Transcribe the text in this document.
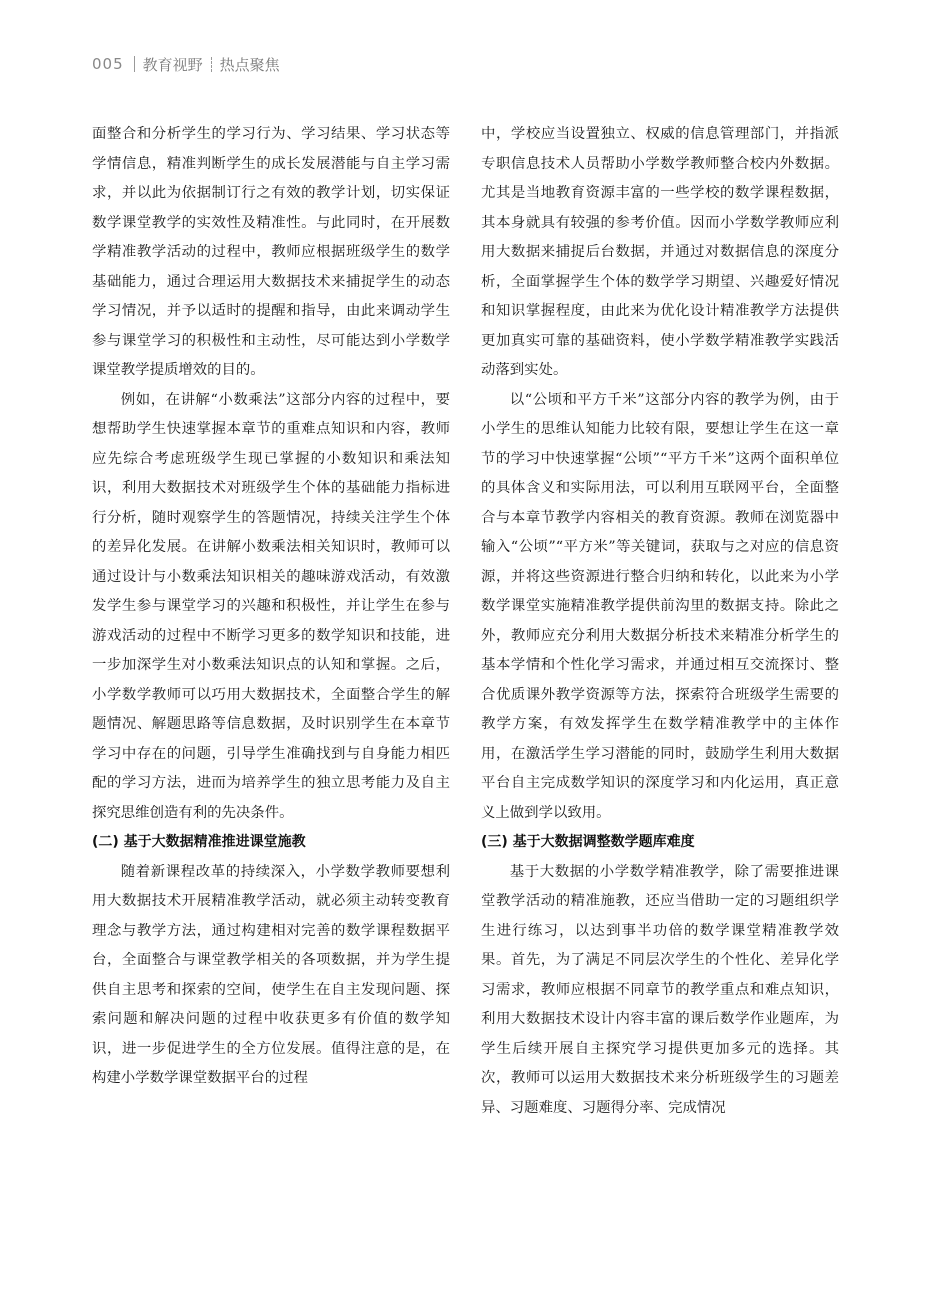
005 教育视野 热点聚焦

面整合和分析学生的学习行为、学习结果、学习状态等学情信息，精准判断学生的成长发展潜能与自主学习需求，并以此为依据制订行之有效的教学计划，切实保证数学课堂教学的实效性及精准性。与此同时，在开展数学精准教学活动的过程中，教师应根据班级学生的数学基础能力，通过合理运用大数据技术来捕捉学生的动态学习情况，并予以适时的提醒和指导，由此来调动学生参与课堂学习的积极性和主动性，尽可能达到小学数学课堂教学提质增效的目的。

例如，在讲解“小数乘法”这部分内容的过程中，要想帮助学生快速掌握本章节的重难点知识和内容，教师应先综合考虑班级学生现已掌握的小数知识和乘法知识，利用大数据技术对班级学生个体的基础能力指标进行分析，随时观察学生的答题情况，持续关注学生个体的差异化发展。在讲解小数乘法相关知识时，教师可以通过设计与小数乘法知识相关的趣味游戏活动，有效激发学生参与课堂学习的兴趣和积极性，并让学生在参与游戏活动的过程中不断学习更多的数学知识和技能，进一步加深学生对小数乘法知识点的认知和掌握。之后，小学数学教师可以巧用大数据技术，全面整合学生的解题情况、解题思路等信息数据，及时识别学生在本章节学习中存在的问题，引导学生准确找到与自身能力相匹配的学习方法，进而为培养学生的独立思考能力及自主探究思维创造有利的先决条件。

(二) 基于大数据精准推进课堂施教

随着新课程改革的持续深入，小学数学教师要想利用大数据技术开展精准教学活动，就必须主动转变教育理念与教学方法，通过构建相对完善的数学课程数据平台，全面整合与课堂教学相关的各项数据，并为学生提供自主思考和探索的空间，使学生在自主发现问题、探索问题和解决问题的过程中收获更多有价值的数学知识，进一步促进学生的全方位发展。值得注意的是，在构建小学数学课堂数据平台的过程

中，学校应当设置独立、权威的信息管理部门，并指派专职信息技术人员帮助小学数学教师整合校内外数据。尤其是当地教育资源丰富的一些学校的数学课程数据，其本身就具有较强的参考价值。因而小学数学教师应利用大数据来捕捉后台数据，并通过对数据信息的深度分析，全面掌握学生个体的数学学习期望、兴趣爱好情况和知识掌握程度，由此来为优化设计精准教学方法提供更加真实可靠的基础资料，使小学数学精准教学实践活动落到实处。

以“公顷和平方千米”这部分内容的教学为例，由于小学生的思维认知能力比较有限，要想让学生在这一章节的学习中快速掌握“公顷”“平方千米”这两个面积单位的具体含义和实际用法，可以利用互联网平台，全面整合与本章节教学内容相关的教育资源。教师在浏览器中输入“公顷”“平方米”等关键词，获取与之对应的信息资源，并将这些资源进行整合归纳和转化，以此来为小学数学课堂实施精准教学提供前沟里的数据支持。除此之外，教师应充分利用大数据分析技术来精准分析学生的基本学情和个性化学习需求，并通过相互交流探讨、整合优质课外教学资源等方法，探索符合班级学生需要的教学方案，有效发挥学生在数学精准教学中的主体作用，在激活学生学习潜能的同时，鼓励学生利用大数据平台自主完成数学知识的深度学习和内化运用，真正意义上做到学以致用。

(三) 基于大数据调整数学题库难度

基于大数据的小学数学精准教学，除了需要推进课堂教学活动的精准施教，还应当借助一定的习题组织学生进行练习，以达到事半功倍的数学课堂精准教学效果。首先，为了满足不同层次学生的个性化、差异化学习需求，教师应根据不同章节的教学重点和难点知识，利用大数据技术设计内容丰富的课后数学作业题库，为学生后续开展自主探究学习提供更加多元的选择。其次，教师可以运用大数据技术来分析班级学生的习题差异、习题难度、习题得分率、完成情况
